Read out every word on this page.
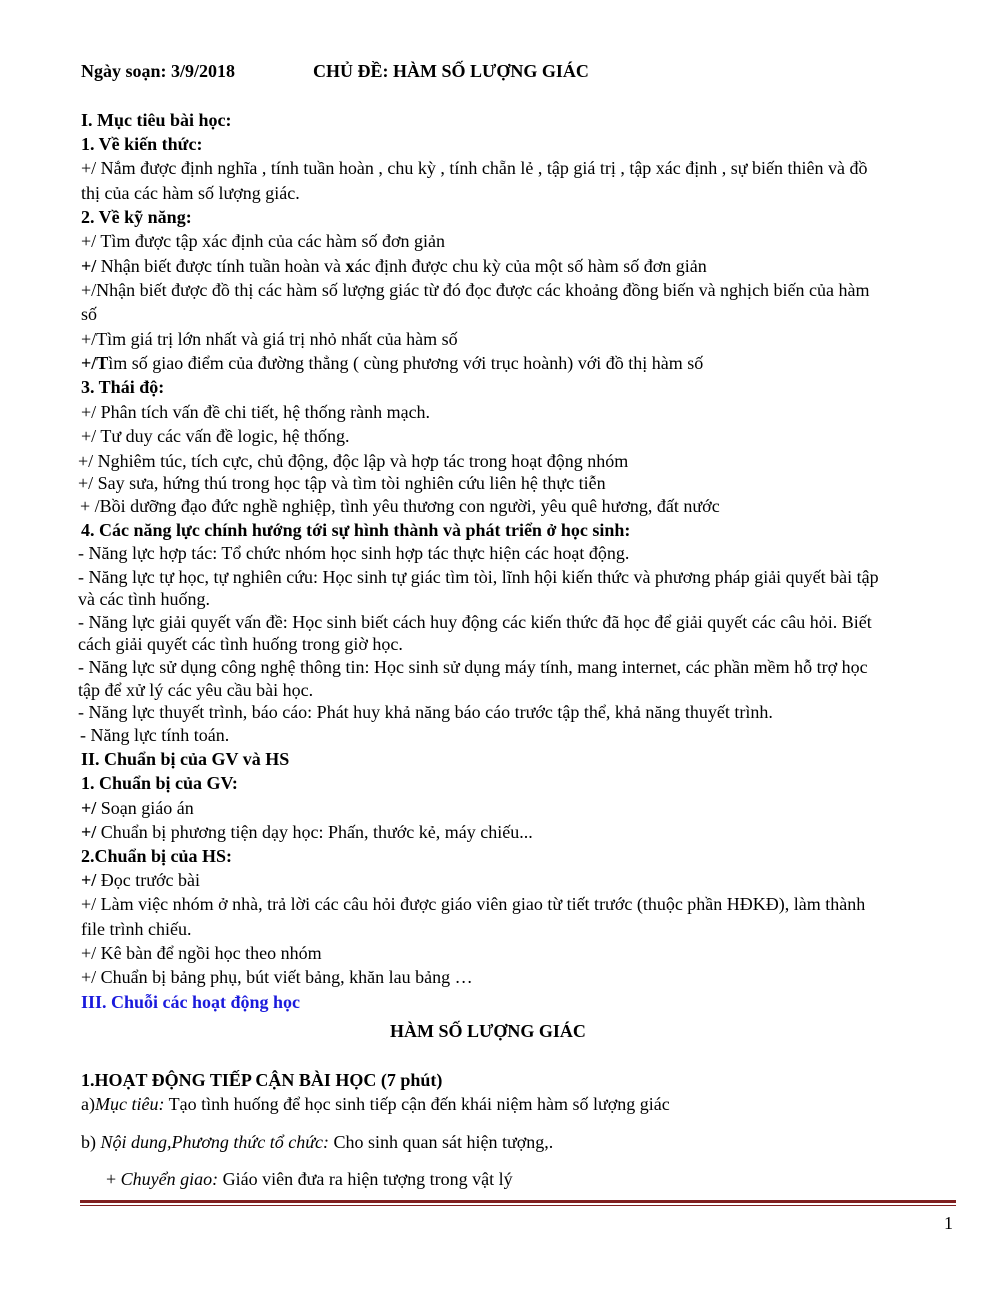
Ngày soạn: 3/9/2018	CHỦ ĐỀ: HÀM SỐ LƯỢNG GIÁC
I. Mục tiêu bài học:
1. Về kiến thức:
+/ Nắm được định nghĩa , tính tuần hoàn , chu kỳ , tính chẵn lẻ , tập giá trị , tập xác định , sự biến thiên và đồ
thị của các hàm số lượng giác.
2. Về kỹ năng:
+/ Tìm được tập xác định của các hàm số đơn giản
+/ Nhận biết được tính tuần hoàn và xác định được chu kỳ của một số hàm số đơn giản
+/Nhận biết được đồ thị các hàm số lượng giác từ đó đọc được các khoảng đồng biến và nghịch biến của hàm
số
+/Tìm giá trị lớn nhất và giá trị nhỏ nhất của hàm số
+/Tìm số giao điểm của đường thẳng ( cùng phương với trục hoành) với đồ thị hàm số
3. Thái độ:
+/ Phân tích vấn đề chi tiết, hệ thống rành mạch.
+/ Tư duy các vấn đề logic, hệ thống.
+/ Nghiêm túc, tích cực, chủ động, độc lập và hợp tác trong hoạt động nhóm
+/ Say sưa, hứng thú trong học tập và tìm tòi nghiên cứu liên hệ thực tiễn
+ /Bồi dưỡng đạo đức nghề nghiệp, tình yêu thương con người, yêu quê hương, đất nước
4. Các năng lực chính hướng tới sự hình thành và phát triển ở học sinh:
- Năng lực hợp tác: Tổ chức nhóm học sinh hợp tác thực hiện các hoạt động.
- Năng lực tự học, tự nghiên cứu: Học sinh tự giác tìm tòi, lĩnh hội kiến thức và phương pháp giải quyết bài tập
và các tình huống.
- Năng lực giải quyết vấn đề: Học sinh biết cách huy động các kiến thức đã học để giải quyết các câu hỏi. Biết
cách giải quyết các tình huống trong giờ học.
- Năng lực sử dụng công nghệ thông tin: Học sinh sử dụng máy tính, mang internet, các phần mềm hỗ trợ học
tập để xử lý các yêu cầu bài học.
- Năng lực thuyết trình, báo cáo: Phát huy khả năng báo cáo trước tập thể, khả năng thuyết trình.
- Năng lực tính toán.
II. Chuẩn bị của GV và HS
1. Chuẩn bị của GV:
+/ Soạn giáo án
+/ Chuẩn bị phương tiện dạy học: Phấn, thước kẻ, máy chiếu...
2.Chuẩn bị của HS:
+/ Đọc trước bài
+/ Làm việc nhóm ở nhà, trả lời các câu hỏi được giáo viên giao từ tiết trước (thuộc phần HĐKĐ), làm thành
file trình chiếu.
+/ Kê bàn để ngồi học theo nhóm
+/ Chuẩn bị bảng phụ, bút viết bảng, khăn lau bảng …
III. Chuỗi các hoạt động học
HÀM SỐ LƯỢNG GIÁC
1.HOẠT ĐỘNG TIẾP CẬN BÀI HỌC (7 phút)
a)Mục tiêu: Tạo tình huống để học sinh tiếp cận đến khái niệm hàm số lượng giác
b) Nội dung,Phương thức tổ chức: Cho sinh quan sát hiện tượng,.
+ Chuyển giao: Giáo viên đưa ra hiện tượng trong vật lý
1
